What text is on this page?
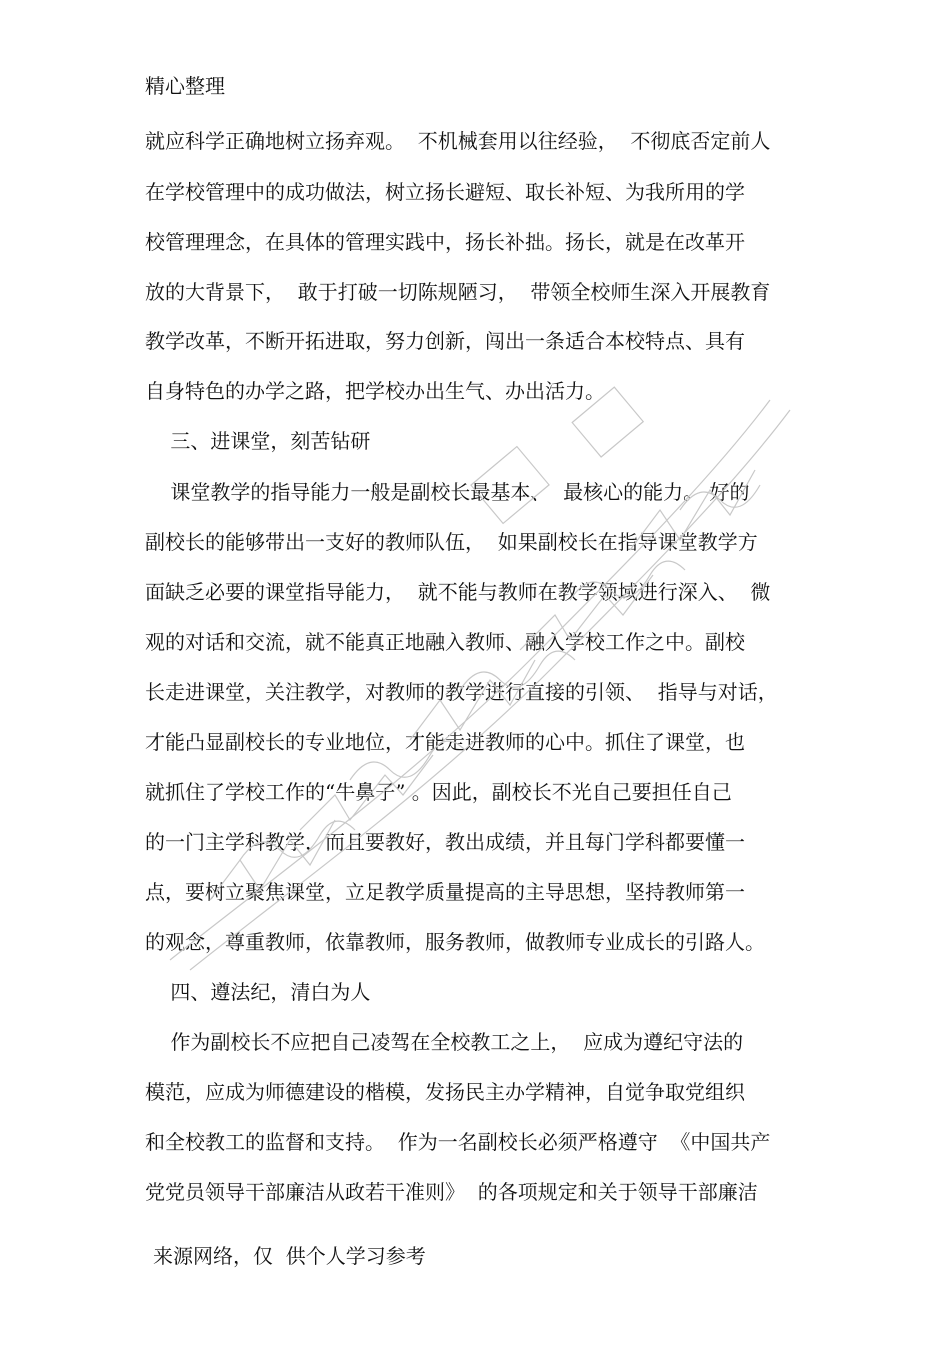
精心整理
就应科学正确地树立扬弃观。  不机械套用以往经验，  不彻底否定前人
在学校管理中的成功做法，树立扬长避短、取长补短、为我所用的学
校管理理念，在具体的管理实践中，扬长补拙。扬长，就是在改革开
放的大背景下，  敢于打破一切陈规陋习，  带领全校师生深入开展教育
教学改革，不断开拓进取，努力创新，闯出一条适合本校特点、具有
自身特色的办学之路，把学校办出生气、办出活力。
三、进课堂，刻苦钻研
课堂教学的指导能力一般是副校长最基本、  最核心的能力。 好的
副校长的能够带出一支好的教师队伍，  如果副校长在指导课堂教学方
面缺乏必要的课堂指导能力，  就不能与教师在教学领域进行深入、  微
观的对话和交流，就不能真正地融入教师、融入学校工作之中。副校
长走进课堂，关注教学，对教师的教学进行直接的引领、  指导与对话，
才能凸显副校长的专业地位，才能走进教师的心中。抓住了课堂，也
就抓住了学校工作的“牛鼻子” 。因此，副校长不光自己要担任自己
的一门主学科教学，而且要教好，教出成绩，并且每门学科都要懂一
点，要树立聚焦课堂，立足教学质量提高的主导思想，坚持教师第一
的观念，尊重教师，依靠教师，服务教师，做教师专业成长的引路人。
四、遵法纪，清白为人
作为副校长不应把自己凌驾在全校教工之上，  应成为遵纪守法的
模范，应成为师德建设的楷模，发扬民主办学精神，自觉争取党组织
和全校教工的监督和支持。  作为一名副校长必须严格遵守  《中国共产
党党员领导干部廉洁从政若干准则》  的各项规定和关于领导干部廉洁
来源网络，仅  供个人学习参考
